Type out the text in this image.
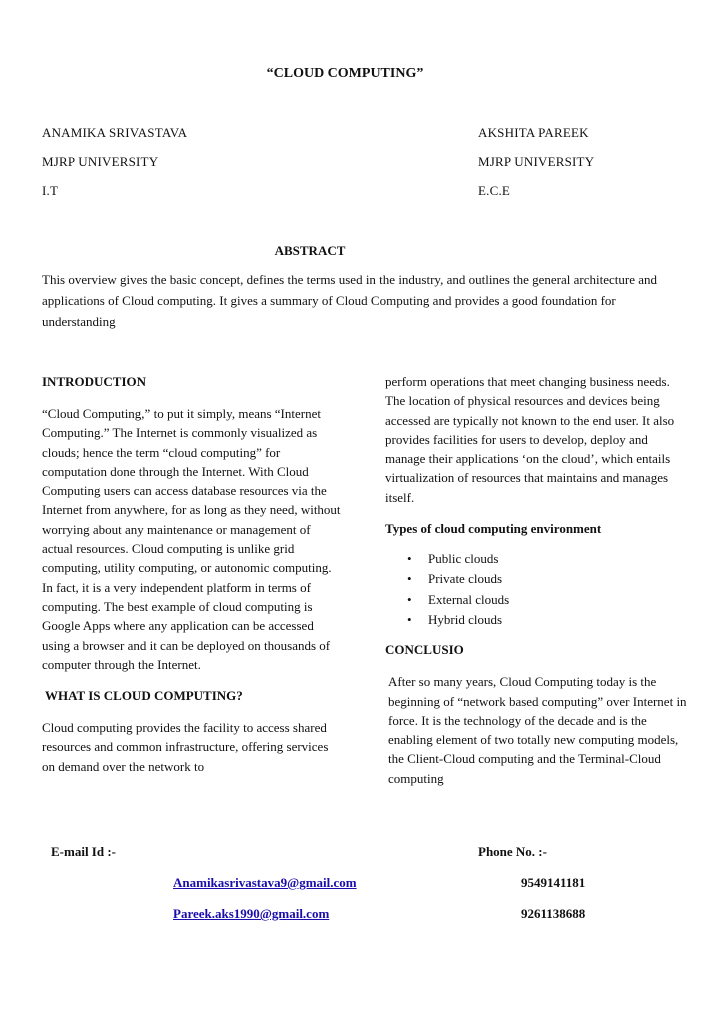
“CLOUD COMPUTING”
ANAMIKA SRIVASTAVA
MJRP UNIVERSITY
I.T
AKSHITA PAREEK
MJRP UNIVERSITY
E.C.E
ABSTRACT
This overview gives the basic concept, defines the terms used in the industry, and outlines the general architecture and applications of Cloud computing. It gives a summary of Cloud Computing and provides a good foundation for understanding

INTRODUCTION

“Cloud Computing,” to put it simply, means “Internet Computing.” The Internet is commonly visualized as clouds; hence the term “cloud computing” for computation done through the Internet. With Cloud Computing users can access database resources via the Internet from anywhere, for as long as they need, without worrying about any maintenance or management of actual resources. Cloud computing is unlike grid computing, utility computing, or autonomic computing. In fact, it is a very independent platform in terms of computing. The best example of cloud computing is Google Apps where any application can be accessed using a browser and it can be deployed on thousands of computer through the Internet.

WHAT IS CLOUD COMPUTING?

Cloud computing provides the facility to access shared resources and common infrastructure, offering services on demand over the network to

perform operations that meet changing business needs. The location of physical resources and devices being accessed are typically not known to the end user. It also provides facilities for users to develop, deploy and manage their applications ‘on the cloud’, which entails virtualization of resources that maintains and manages itself.

Types of cloud computing environment

• Public clouds
• Private clouds
• External clouds
• Hybrid clouds

CONCLUSIO

After so many years, Cloud Computing today is the beginning of “network based computing” over Internet in force. It is the technology of the decade and is the enabling element of two totally new computing models, the Client-Cloud computing and the Terminal-Cloud computing

E-mail Id :-	Phone No. :-
Anamikasrivastava9@gmail.com
Pareek.aks1990@gmail.com
9549141181
9261138688
